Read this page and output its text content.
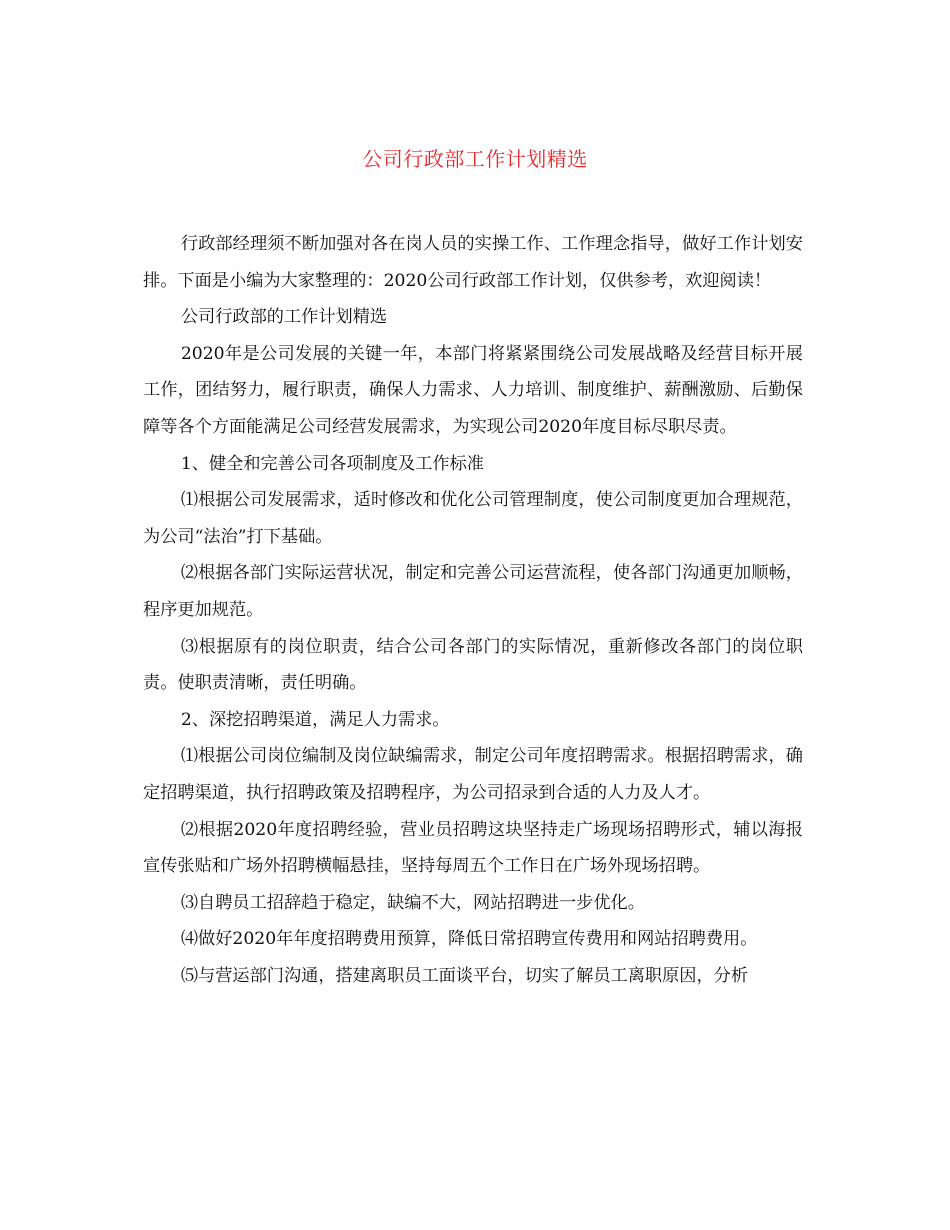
公司行政部工作计划精选

行政部经理须不断加强对各在岗人员的实操工作、工作理念指导，做好工作计划安排。下面是小编为大家整理的：2020公司行政部工作计划，仅供参考，欢迎阅读！

公司行政部的工作计划精选

2020年是公司发展的关键一年，本部门将紧紧围绕公司发展战略及经营目标开展工作，团结努力，履行职责，确保人力需求、人力培训、制度维护、薪酬激励、后勤保障等各个方面能满足公司经营发展需求，为实现公司2020年度目标尽职尽责。

1、健全和完善公司各项制度及工作标准

⑴根据公司发展需求，适时修改和优化公司管理制度，使公司制度更加合理规范，为公司“法治”打下基础。

⑵根据各部门实际运营状况，制定和完善公司运营流程，使各部门沟通更加顺畅，程序更加规范。

⑶根据原有的岗位职责，结合公司各部门的实际情况，重新修改各部门的岗位职责。使职责清晰，责任明确。

2、深挖招聘渠道，满足人力需求。

⑴根据公司岗位编制及岗位缺编需求，制定公司年度招聘需求。根据招聘需求，确定招聘渠道，执行招聘政策及招聘程序，为公司招录到合适的人力及人才。

⑵根据2020年度招聘经验，营业员招聘这块坚持走广场现场招聘形式，辅以海报宣传张贴和广场外招聘横幅悬挂，坚持每周五个工作日在广场外现场招聘。

⑶自聘员工招辞趋于稳定，缺编不大，网站招聘进一步优化。

⑷做好2020年年度招聘费用预算，降低日常招聘宣传费用和网站招聘费用。

⑸与营运部门沟通，搭建离职员工面谈平台，切实了解员工离职原因，分析
